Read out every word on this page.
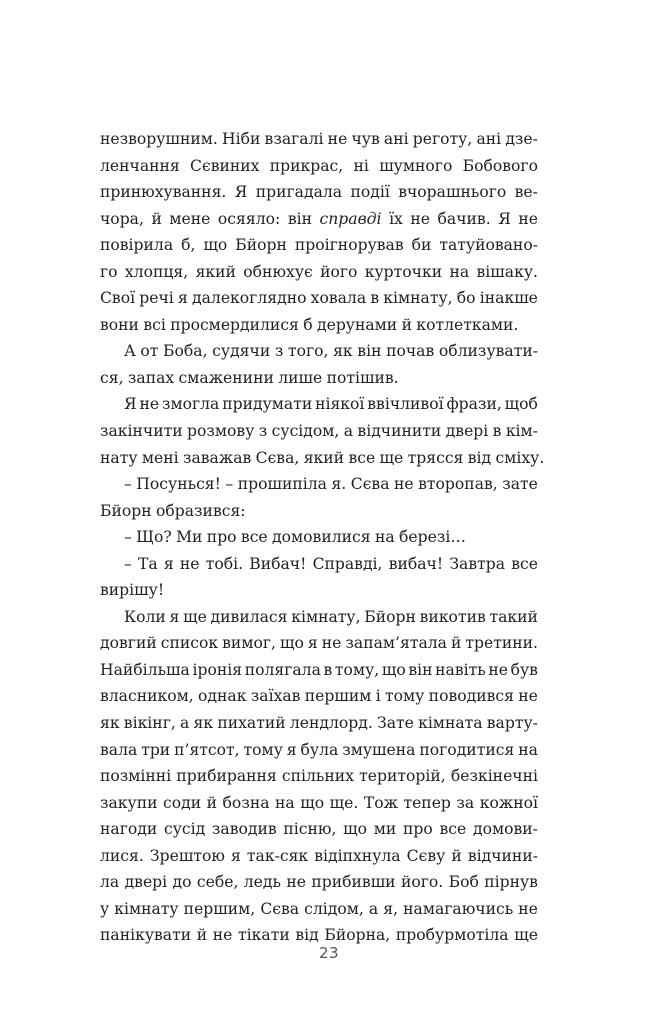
незворушним. Ніби взагалі не чув ані реготу, ані дзе-
ленчання Сєвиних прикрас, ні шумного Бобового
принюхування. Я пригадала події вчорашнього ве-
чора, й мене осяяло: він справді їх не бачив. Я не
повірила б, що Бйорн проігнорував би татуйовано-
го хлопця, який обнюхує його курточки на вішаку.
Свої речі я далекоглядно ховала в кімнату, бо інакше
вони всі просмердилися б дерунами й котлетками.
А от Боба, судячи з того, як він почав облизувати-
ся, запах смаженини лише потішив.
Я не змогла придумати ніякої ввічливої фрази, щоб
закінчити розмову з сусідом, а відчинити двері в кім-
нату мені заважав Сєва, який все ще трясся від сміху.
– Посунься! – прошипіла я. Сєва не второпав, зате
Бйорн образився:
– Що? Ми про все домовилися на березі…
– Та я не тобі. Вибач! Справді, вибач! Завтра все
вирішу!
Коли я ще дивилася кімнату, Бйорн викотив такий
довгий список вимог, що я не запам’ятала й третини.
Найбільша іронія полягала в тому, що він навіть не був
власником, однак заїхав першим і тому поводився не
як вікінг, а як пихатий лендлорд. Зате кімната варту-
вала три п’ятсот, тому я була змушена погодитися на
позмінні прибирання спільних територій, безкінечні
закупи соди й бозна на що ще. Тож тепер за кожної
нагоди сусід заводив пісню, що ми про все домови-
лися. Зрештою я так-сяк відіпхнула Сєву й відчини-
ла двері до себе, ледь не прибивши його. Боб пірнув
у кімнату першим, Сєва слідом, а я, намагаючись не
панікувати й не тікати від Бйорна, пробурмотіла ще
23
